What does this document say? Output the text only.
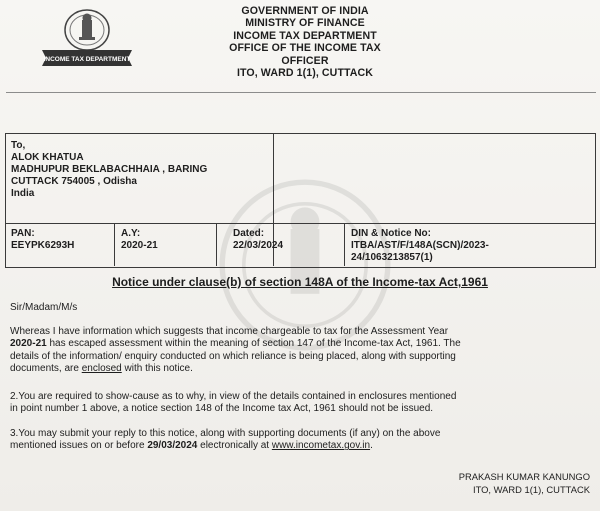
INCOME TAX DEPARTMENT
GOVERNMENT OF INDIA
MINISTRY OF FINANCE
INCOME TAX DEPARTMENT
OFFICE OF THE INCOME TAX
OFFICER
ITO, WARD 1(1), CUTTACK
To,
ALOK KHATUA
MADHUPUR BEKLABACHHAIA , BARING
CUTTACK 754005 , Odisha
India
PAN:
EEYPK6293H
A.Y:
2020-21
Dated:
22/03/2024
DIN & Notice No:
ITBA/AST/F/148A(SCN)/2023-
24/1063213857(1)
Notice under clause(b) of section 148A of the Income-tax Act,1961
Sir/Madam/M/s
Whereas I have information which suggests that income chargeable to tax for the Assessment Year
2020-21 has escaped assessment within the meaning of section 147 of the Income-tax Act, 1961. The
details of the information/ enquiry conducted on which reliance is being placed, along with supporting
documents, are enclosed with this notice.
2.You are required to show-cause as to why, in view of the details contained in enclosures mentioned
in point number 1 above, a notice section 148 of the Income tax Act, 1961 should not be issued.
3.You may submit your reply to this notice, along with supporting documents (if any) on the above
mentioned issues on or before 29/03/2024 electronically at www.incometax.gov.in.
PRAKASH KUMAR KANUNGO
ITO, WARD 1(1), CUTTACK
